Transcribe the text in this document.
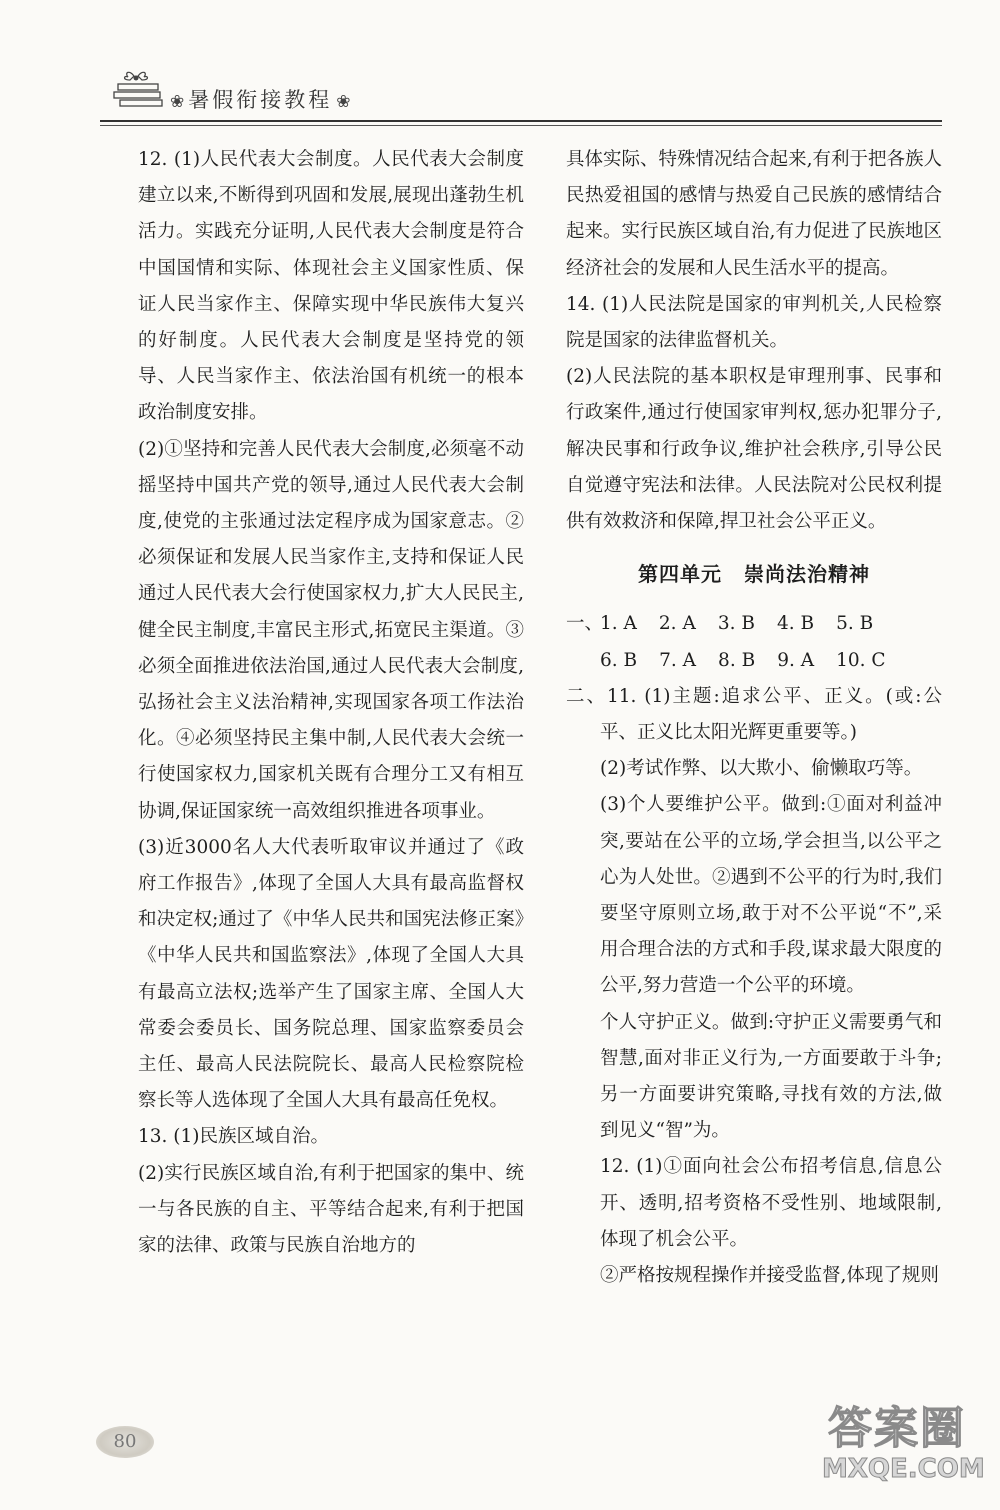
❀ 暑假衔接教程 ❀

12. (1)人民代表大会制度。人民代表大会制度建立以来,不断得到巩固和发展,展现出蓬勃生机活力。实践充分证明,人民代表大会制度是符合中国国情和实际、体现社会主义国家性质、保证人民当家作主、保障实现中华民族伟大复兴的好制度。人民代表大会制度是坚持党的领导、人民当家作主、依法治国有机统一的根本政治制度安排。

(2)①坚持和完善人民代表大会制度,必须毫不动摇坚持中国共产党的领导,通过人民代表大会制度,使党的主张通过法定程序成为国家意志。②必须保证和发展人民当家作主,支持和保证人民通过人民代表大会行使国家权力,扩大人民民主,健全民主制度,丰富民主形式,拓宽民主渠道。③必须全面推进依法治国,通过人民代表大会制度,弘扬社会主义法治精神,实现国家各项工作法治化。④必须坚持民主集中制,人民代表大会统一行使国家权力,国家机关既有合理分工又有相互协调,保证国家统一高效组织推进各项事业。

(3)近3000名人大代表听取审议并通过了《政府工作报告》,体现了全国人大具有最高监督权和决定权;通过了《中华人民共和国宪法修正案》《中华人民共和国监察法》,体现了全国人大具有最高立法权;选举产生了国家主席、全国人大常委会委员长、国务院总理、国家监察委员会主任、最高人民法院院长、最高人民检察院检察长等人选体现了全国人大具有最高任免权。

13. (1)民族区域自治。

(2)实行民族区域自治,有利于把国家的集中、统一与各民族的自主、平等结合起来,有利于把国家的法律、政策与民族自治地方的

具体实际、特殊情况结合起来,有利于把各族人民热爱祖国的感情与热爱自己民族的感情结合起来。实行民族区域自治,有力促进了民族地区经济社会的发展和人民生活水平的提高。

14. (1)人民法院是国家的审判机关,人民检察院是国家的法律监督机关。

(2)人民法院的基本职权是审理刑事、民事和行政案件,通过行使国家审判权,惩办犯罪分子,解决民事和行政争议,维护社会秩序,引导公民自觉遵守宪法和法律。人民法院对公民权利提供有效救济和保障,捍卫社会公平正义。

第四单元 崇尚法治精神
一、
1. A 2. A 3. B 4. B 5. B
6. B 7. A 8. B 9. A 10. C

二、11. (1)主题:追求公平、正义。(或:公平、正义比太阳光辉更重要等。)

(2)考试作弊、以大欺小、偷懒取巧等。

(3)个人要维护公平。做到:①面对利益冲突,要站在公平的立场,学会担当,以公平之心为人处世。②遇到不公平的行为时,我们要坚守原则立场,敢于对不公平说“不”,采用合理合法的方式和手段,谋求最大限度的公平,努力营造一个公平的环境。

个人守护正义。做到:守护正义需要勇气和智慧,面对非正义行为,一方面要敢于斗争;另一方面要讲究策略,寻找有效的方法,做到见义“智”为。

12. (1)①面向社会公布招考信息,信息公开、透明,招考资格不受性别、地域限制,体现了机会公平。

②严格按规程操作并接受监督,体现了规则

80	答案圈
MXQE.COM
